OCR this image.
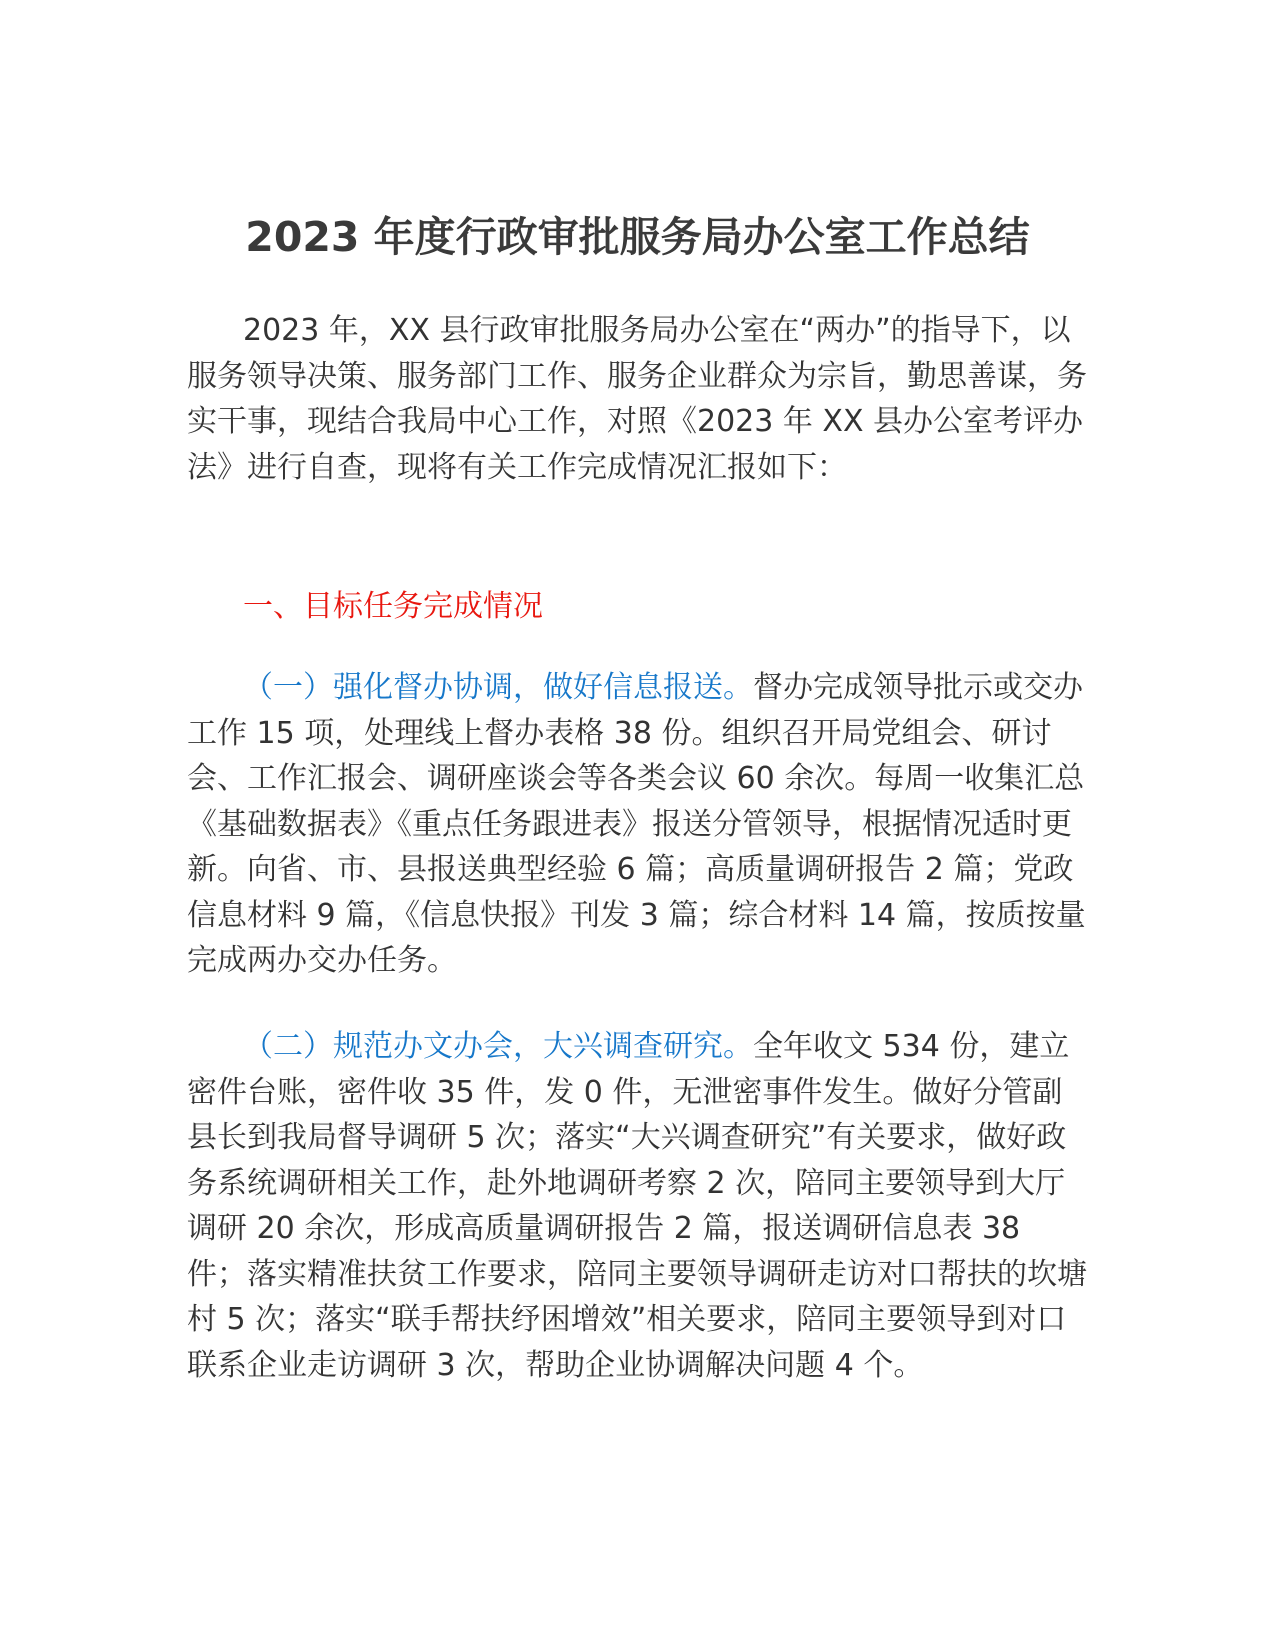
2023 年度行政审批服务局办公室工作总结

2023 年，XX 县行政审批服务局办公室在“两办”的指导下，以服务领导决策、服务部门工作、服务企业群众为宗旨，勤思善谋，务实干事，现结合我局中心工作，对照《2023 年 XX 县办公室考评办法》进行自查，现将有关工作完成情况汇报如下：

一、目标任务完成情况

（一）强化督办协调，做好信息报送。督办完成领导批示或交办工作 15 项，处理线上督办表格 38 份。组织召开局党组会、研讨会、工作汇报会、调研座谈会等各类会议 60 余次。每周一收集汇总《基础数据表》《重点任务跟进表》报送分管领导，根据情况适时更新。向省、市、县报送典型经验 6 篇；高质量调研报告 2 篇；党政信息材料 9 篇，《信息快报》刊发 3 篇；综合材料 14 篇，按质按量完成两办交办任务。

（二）规范办文办会，大兴调查研究。全年收文 534 份，建立密件台账，密件收 35 件，发 0 件，无泄密事件发生。做好分管副县长到我局督导调研 5 次；落实“大兴调查研究”有关要求，做好政务系统调研相关工作，赴外地调研考察 2 次，陪同主要领导到大厅调研 20 余次，形成高质量调研报告 2 篇，报送调研信息表 38 件；落实精准扶贫工作要求，陪同主要领导调研走访对口帮扶的坎塘村 5 次；落实“联手帮扶纾困增效”相关要求，陪同主要领导到对口联系企业走访调研 3 次，帮助企业协调解决问题 4 个。
